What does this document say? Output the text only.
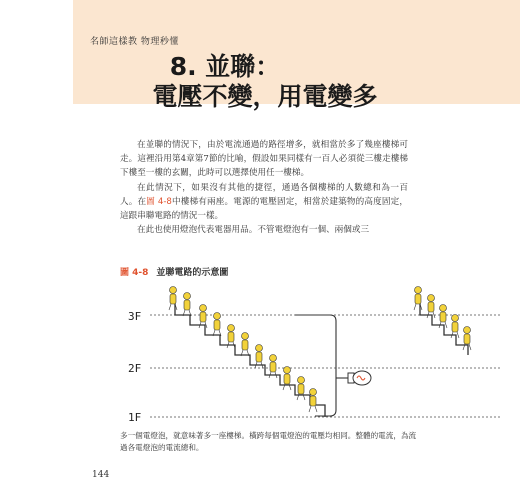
名師這樣教 物理秒懂
8. 並聯：
電壓不變，用電變多

在並聯的情況下，由於電流通過的路徑增多，就相當於多了幾座樓梯可走。這裡沿用第4章第7節的比喻，假設如果同樣有一百人必須從三樓走樓梯下樓至一樓的玄關，此時可以選擇使用任一樓梯。

在此情況下，如果沒有其他的捷徑，通過各個樓梯的人數總和為一百人。在圖 4-8中樓梯有兩座。電源的電壓固定，相當於建築物的高度固定，這跟串聯電路的情況一樣。

在此也使用燈泡代表電器用品。不管電燈泡有一個、兩個或三

圖 4-8 並聯電路的示意圖
3F
2F
1F
多一個電燈泡，就意味著多一座樓梯。橫跨每個電燈泡的電壓均相同。整體的電流，為流過各電燈泡的電流總和。
144
